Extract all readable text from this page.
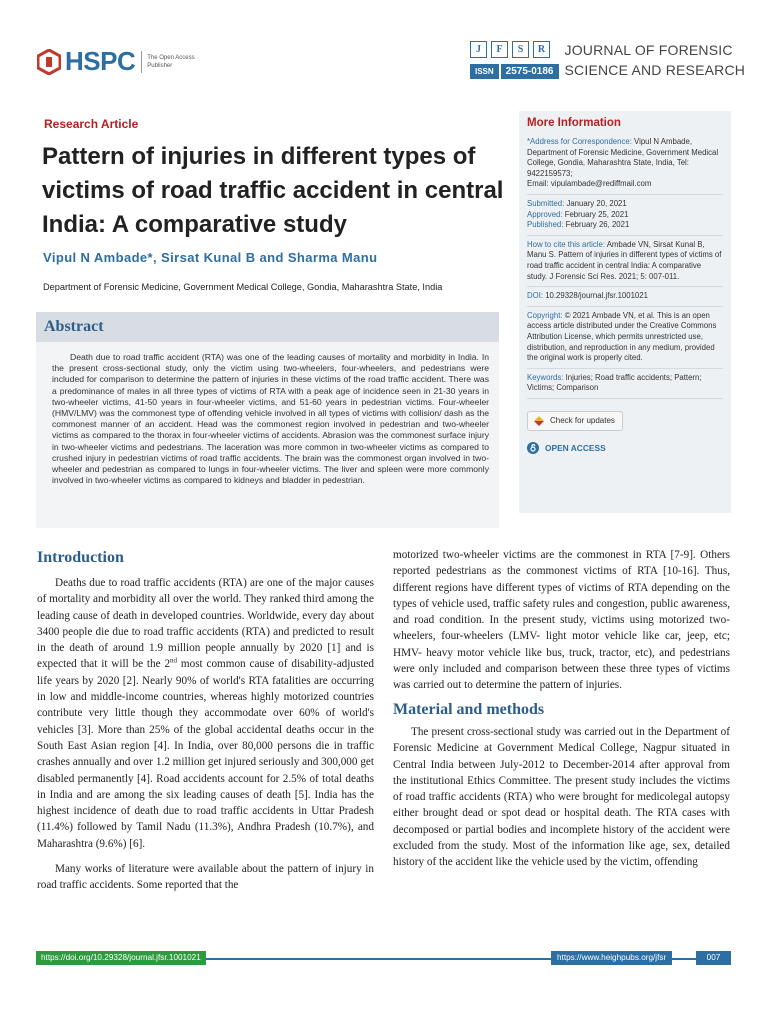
HSPC The Open Access Publisher
J	F	S	R
ISSN	2575-0186
JOURNAL OF FORENSIC
SCIENCE AND RESEARCH
Research Article
Pattern of injuries in different types of victims of road traffic accident in central India: A comparative study
Vipul N Ambade*, Sirsat Kunal B and Sharma Manu
Department of Forensic Medicine, Government Medical College, Gondia, Maharashtra State, India
Abstract

Death due to road traffic accident (RTA) was one of the leading causes of mortality and morbidity in India. In the present cross-sectional study, only the victim using two-wheelers, four-wheelers, and pedestrians were included for comparison to determine the pattern of injuries in these victims of the road traffic accident. There was a predominance of males in all three types of victims of RTA with a peak age of incidence seen in 21-30 years in two-wheeler victims, 41-50 years in four-wheeler victims, and 51-60 years in pedestrian victims. Four-wheeler (HMV/LMV) was the commonest type of offending vehicle involved in all types of victims with collision/ dash as the commonest manner of an accident. Head was the commonest region involved in pedestrian and two-wheeler victims as compared to the thorax in four-wheeler victims of accidents. Abrasion was the commonest surface injury in two-wheeler victims and pedestrians. The laceration was more common in two-wheeler victims as compared to crushed injury in pedestrian victims of road traffic accidents. The brain was the commonest organ involved in two-wheeler and pedestrian as compared to lungs in four-wheeler victims. The liver and spleen were more commonly involved in two-wheeler victims as compared to kidneys and bladder in pedestrian.

More Information
*Address for Correspondence: Vipul N Ambade, Department of Forensic Medicine, Government Medical College, Gondia, Maharashtra State, India, Tel: 9422159573;
Email: vipulambade@rediffmail.com
Submitted: January 20, 2021
Approved: February 25, 2021
Published: February 26, 2021
How to cite this article: Ambade VN, Sirsat Kunal B, Manu S. Pattern of injuries in different types of victims of road traffic accident in central India: A comparative study. J Forensic Sci Res. 2021; 5: 007-011.
DOI: 10.29328/journal.jfsr.1001021
Copyright: © 2021 Ambade VN, et al. This is an open access article distributed under the Creative Commons Attribution License, which permits unrestricted use, distribution, and reproduction in any medium, provided the original work is properly cited.
Keywords: Injuries; Road traffic accidents; Pattern; Victims; Comparison
Check for updates
OPEN ACCESS
Introduction

Deaths due to road traffic accidents (RTA) are one of the major causes of mortality and morbidity all over the world. They ranked third among the leading cause of death in developed countries. Worldwide, every day about 3400 people die due to road traffic accidents (RTA) and predicted to result in the death of around 1.9 million people annually by 2020 [1] and is expected that it will be the 2nd most common cause of disability-adjusted life years by 2020 [2]. Nearly 90% of world's RTA fatalities are occurring in low and middle-income countries, whereas highly motorized countries contribute very little though they accommodate over 60% of world's vehicles [3]. More than 25% of the global accidental deaths occur in the South East Asian region [4]. In India, over 80,000 persons die in traffic crashes annually and over 1.2 million get injured seriously and 300,000 get disabled permanently [4]. Road accidents account for 2.5% of total deaths in India and are among the six leading causes of death [5]. India has the highest incidence of death due to road traffic accidents in Uttar Pradesh (11.4%) followed by Tamil Nadu (11.3%), Andhra Pradesh (10.7%), and Maharashtra (9.6%) [6].

Many works of literature were available about the pattern of injury in road traffic accidents. Some reported that the

motorized two-wheeler victims are the commonest in RTA [7-9]. Others reported pedestrians as the commonest victims of RTA [10-16]. Thus, different regions have different types of victims of RTA depending on the types of vehicle used, traffic safety rules and congestion, public awareness, and road condition. In the present study, victims using motorized two-wheelers, four-wheelers (LMV- light motor vehicle like car, jeep, etc; HMV- heavy motor vehicle like bus, truck, tractor, etc), and pedestrians were only included and comparison between these three types of victims was carried out to determine the pattern of injuries.

Material and methods

The present cross-sectional study was carried out in the Department of Forensic Medicine at Government Medical College, Nagpur situated in Central India between July-2012 to December-2014 after approval from the institutional Ethics Committee. The present study includes the victims of road traffic accidents (RTA) who were brought for medicolegal autopsy either brought dead or spot dead or hospital death. The RTA cases with decomposed or partial bodies and incomplete history of the accident were excluded from the study. Most of the information like age, sex, detailed history of the accident like the vehicle used by the victim, offending

https://doi.org/10.29328/journal.jfsr.1001021	https://www.heighpubs.org/jfsr	007
